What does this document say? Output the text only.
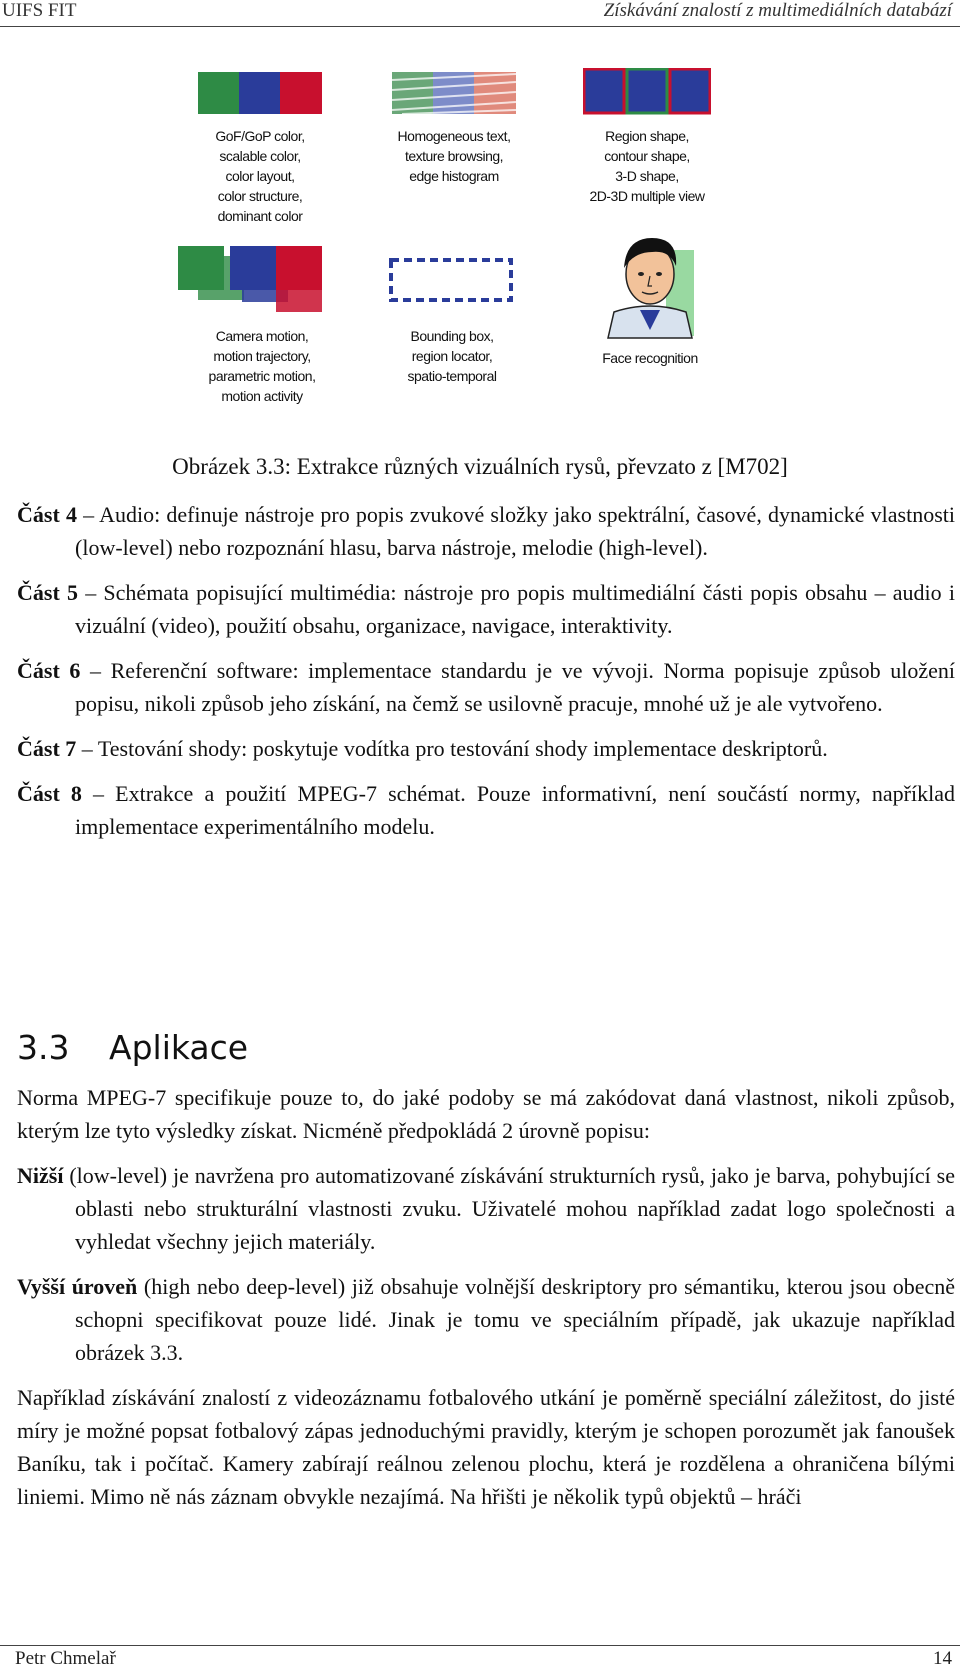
UIFS FIT	Získávání znalostí z multimediálních databází
GoF/GoP color,
scalable color,
color layout,
color structure,
dominant color
Homogeneous text,
texture browsing,
edge histogram
Region shape,
contour shape,
3-D shape,
2D-3D multiple view
Camera motion,
motion trajectory,
parametric motion,
motion activity
Bounding box,
region locator,
spatio-temporal
Face recognition
Obrázek 3.3: Extrakce různých vizuálních rysů, převzato z [M702]
Část 4 – Audio: definuje nástroje pro popis zvukové složky jako spektrální, časové, dynamické vlastnosti (low-level) nebo rozpoznání hlasu, barva nástroje, melodie (high-level).
Část 5 – Schémata popisující multimédia: nástroje pro popis multimediální části popis obsahu – audio i vizuální (video), použití obsahu, organizace, navigace, interaktivity.
Část 6 – Referenční software: implementace standardu je ve vývoji. Norma popisuje způsob uložení popisu, nikoli způsob jeho získání, na čemž se usilovně pracuje, mnohé už je ale vytvořeno.
Část 7 – Testování shody: poskytuje vodítka pro testování shody implementace deskriptorů.
Část 8 – Extrakce a použití MPEG-7 schémat. Pouze informativní, není součástí normy, například implementace experimentálního modelu.
3.3 Aplikace

Norma MPEG-7 specifikuje pouze to, do jaké podoby se má zakódovat daná vlastnost, nikoli způsob, kterým lze tyto výsledky získat. Nicméně předpokládá 2 úrovně popisu:

Nižší (low-level) je navržena pro automatizované získávání strukturních rysů, jako je barva, pohybující se oblasti nebo strukturální vlastnosti zvuku. Uživatelé mohou například zadat logo společnosti a vyhledat všechny jejich materiály.
Vyšší úroveň (high nebo deep-level) již obsahuje volnější deskriptory pro sémantiku, kterou jsou obecně schopni specifikovat pouze lidé. Jinak je tomu ve speciálním případě, jak ukazuje například obrázek 3.3.

Například získávání znalostí z videozáznamu fotbalového utkání je poměrně speciální záležitost, do jisté míry je možné popsat fotbalový zápas jednoduchými pravidly, kterým je schopen porozumět jak fanoušek Baníku, tak i počítač. Kamery zabírají reálnou zelenou plochu, která je rozdělena a ohraničena bílými liniemi. Mimo ně nás záznam obvykle nezajímá. Na hřišti je několik typů objektů – hráči

Petr Chmelař	14
